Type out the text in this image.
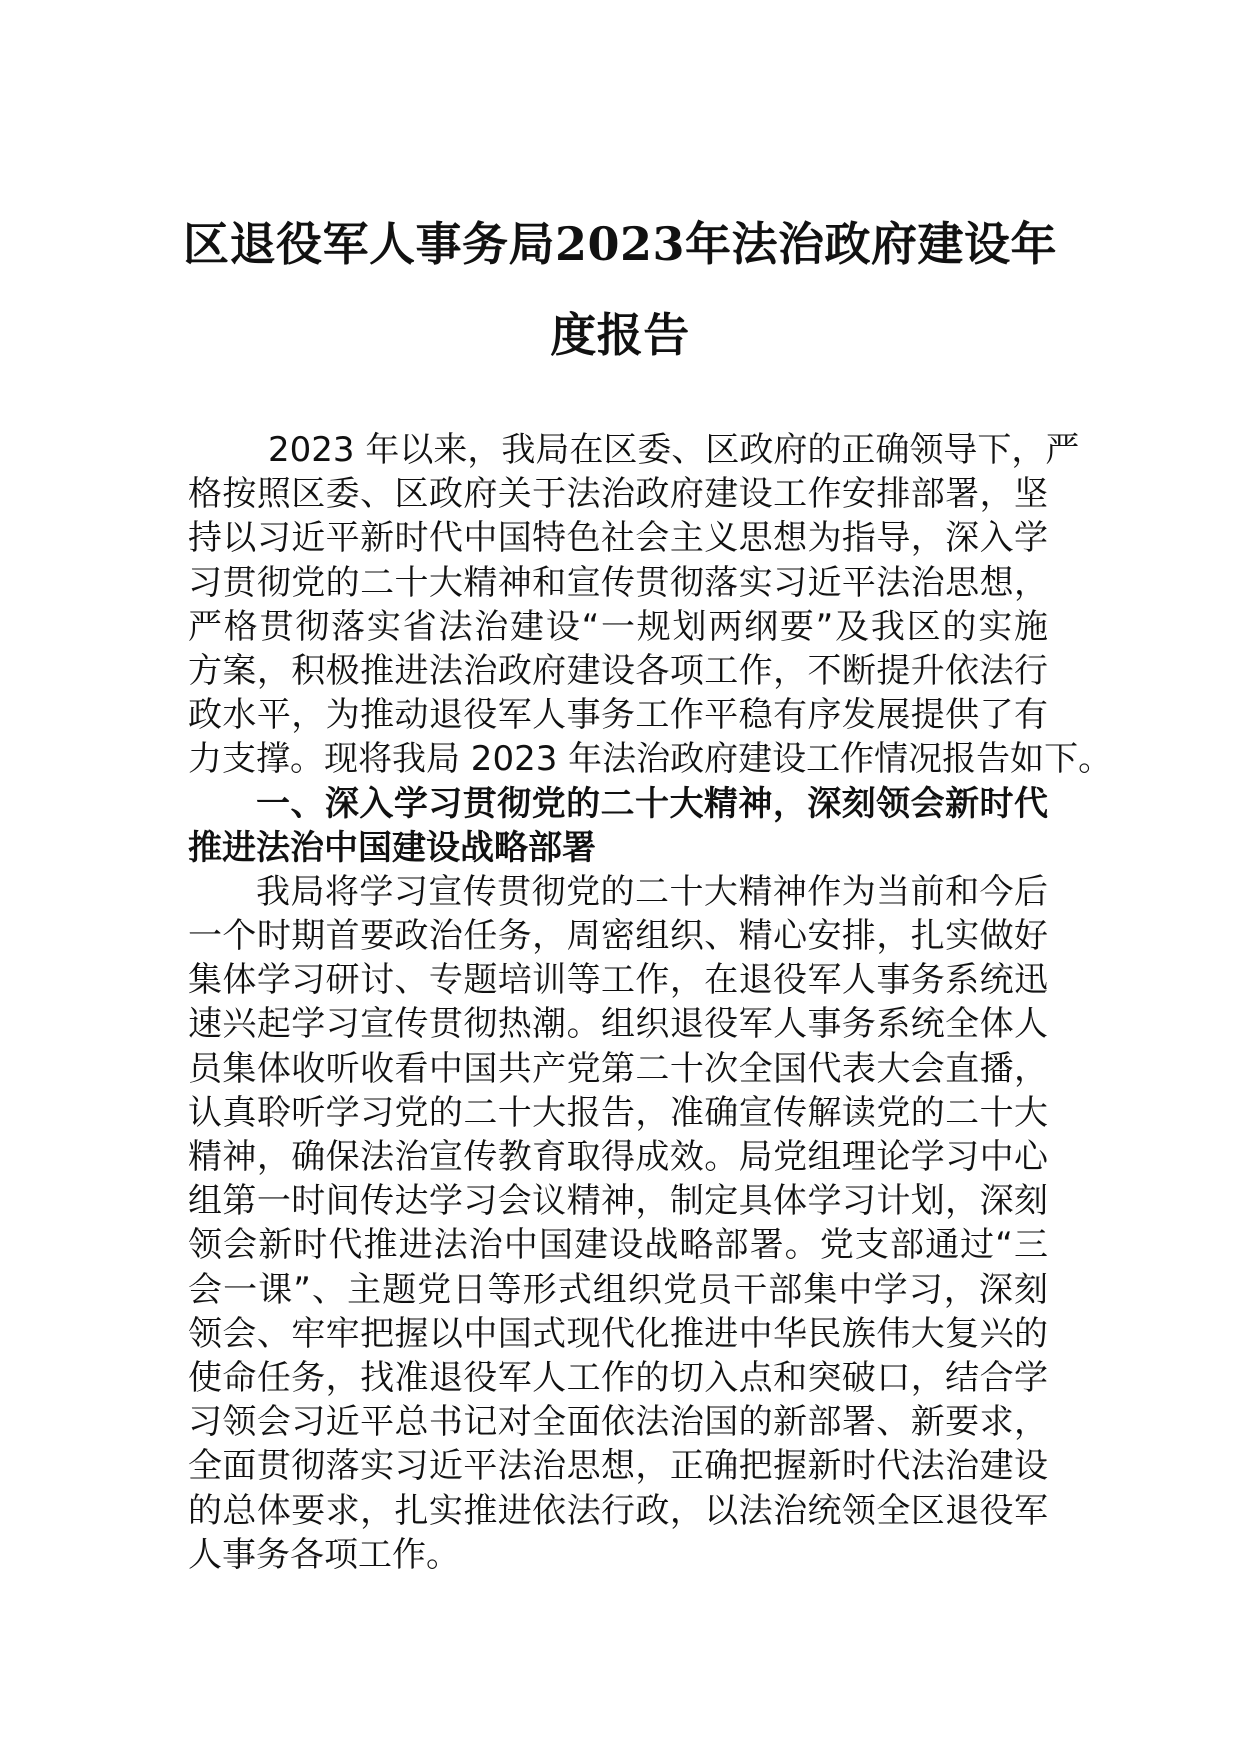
区退役军人事务局2023年法治政府建设年
度报告
2023 年以来，我局在区委、区政府的正确领导下，严
格按照区委、区政府关于法治政府建设工作安排部署，坚
持以习近平新时代中国特色社会主义思想为指导，深入学
习贯彻党的二十大精神和宣传贯彻落实习近平法治思想，
严格贯彻落实省法治建设“一规划两纲要”及我区的实施
方案，积极推进法治政府建设各项工作，不断提升依法行
政水平，为推动退役军人事务工作平稳有序发展提供了有
力支撑。现将我局 2023 年法治政府建设工作情况报告如下。
一、深入学习贯彻党的二十大精神，深刻领会新时代
推进法治中国建设战略部署
我局将学习宣传贯彻党的二十大精神作为当前和今后
一个时期首要政治任务，周密组织、精心安排，扎实做好
集体学习研讨、专题培训等工作，在退役军人事务系统迅
速兴起学习宣传贯彻热潮。组织退役军人事务系统全体人
员集体收听收看中国共产党第二十次全国代表大会直播，
认真聆听学习党的二十大报告，准确宣传解读党的二十大
精神，确保法治宣传教育取得成效。局党组理论学习中心
组第一时间传达学习会议精神，制定具体学习计划，深刻
领会新时代推进法治中国建设战略部署。党支部通过“三
会一课”、主题党日等形式组织党员干部集中学习，深刻
领会、牢牢把握以中国式现代化推进中华民族伟大复兴的
使命任务，找准退役军人工作的切入点和突破口，结合学
习领会习近平总书记对全面依法治国的新部署、新要求，
全面贯彻落实习近平法治思想，正确把握新时代法治建设
的总体要求，扎实推进依法行政，以法治统领全区退役军
人事务各项工作。
